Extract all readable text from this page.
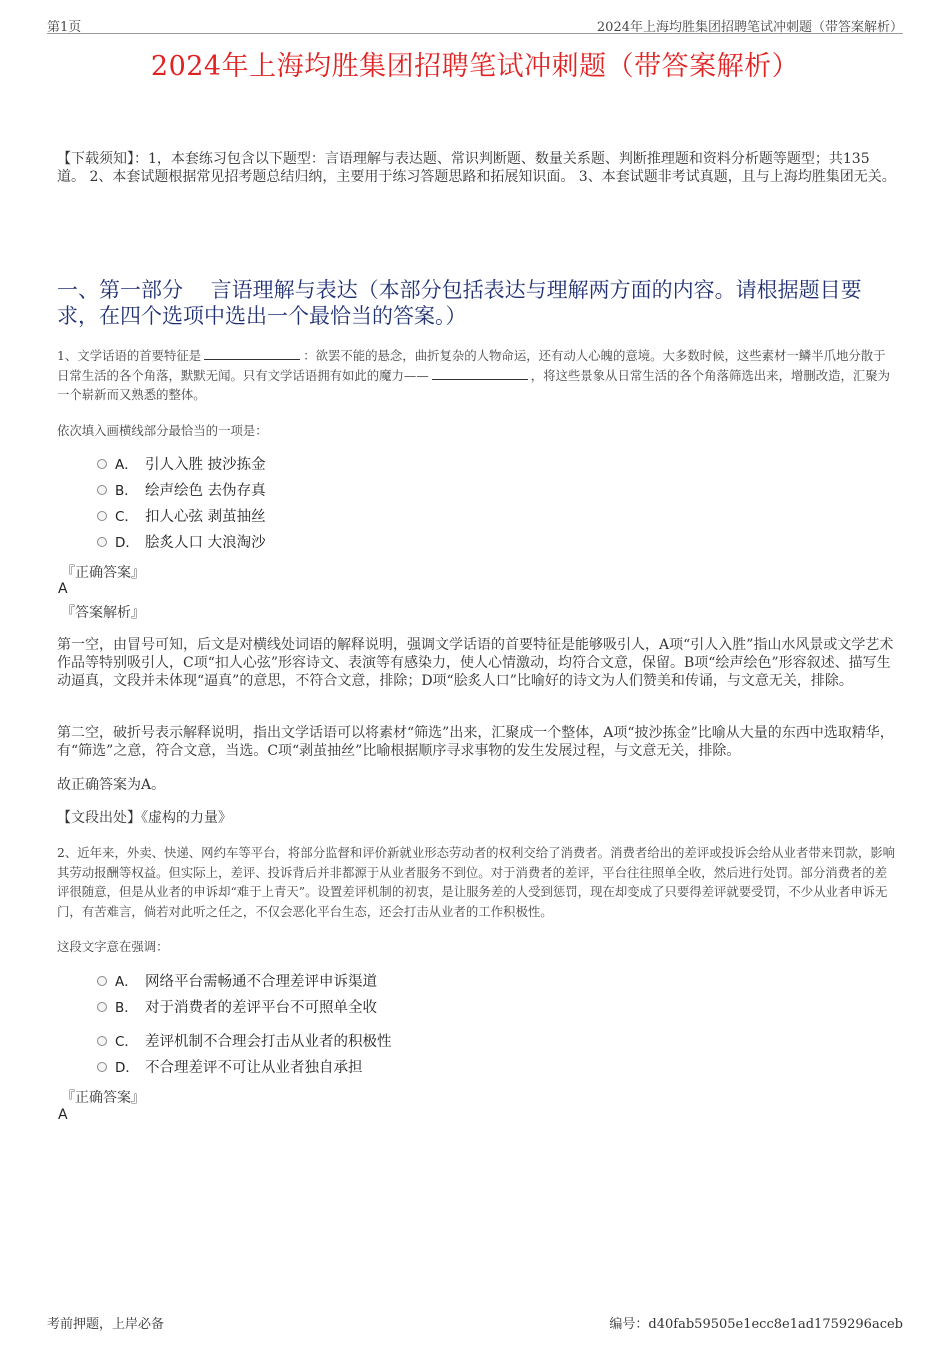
第1页	2024年上海均胜集团招聘笔试冲刺题（带答案解析）
2024年上海均胜集团招聘笔试冲刺题（带答案解析）
【下载须知】：1，本套练习包含以下题型：言语理解与表达题、常识判断题、数量关系题、判断推理题和资料分析题等题型；共135道。 2、本套试题根据常见招考题总结归纳，主要用于练习答题思路和拓展知识面。 3、本套试题非考试真题，且与上海均胜集团无关。
一、第一部分　 言语理解与表达（本部分包括表达与理解两方面的内容。请根据题目要求，在四个选项中选出一个最恰当的答案。）
1、文学话语的首要特征是	：欲罢不能的悬念，曲折复杂的人物命运，还有动人心魄的意境。大多数时候，这些素材一鳞半爪地分散于日常生活的各个角落，默默无闻。只有文学话语拥有如此的魔力——	，将这些景象从日常生活的各个角落筛选出来，增删改造，汇聚为一个崭新而又熟悉的整体。
依次填入画横线部分最恰当的一项是：
A． 引人入胜 披沙拣金
B． 绘声绘色 去伪存真
C． 扣人心弦 剥茧抽丝
D． 脍炙人口 大浪淘沙
『正确答案』
A
『答案解析』
第一空，由冒号可知，后文是对横线处词语的解释说明，强调文学话语的首要特征是能够吸引人，A项“引人入胜”指山水风景或文学艺术作品等特别吸引人，C项“扣人心弦”形容诗文、表演等有感染力，使人心情激动，均符合文意，保留。B项“绘声绘色”形容叙述、描写生动逼真，文段并未体现“逼真”的意思，不符合文意，排除；D项“脍炙人口”比喻好的诗文为人们赞美和传诵，与文意无关，排除。
第二空，破折号表示解释说明，指出文学话语可以将素材“筛选”出来，汇聚成一个整体，A项“披沙拣金”比喻从大量的东西中选取精华，有“筛选”之意，符合文意，当选。C项“剥茧抽丝”比喻根据顺序寻求事物的发生发展过程，与文意无关，排除。
故正确答案为A。
【文段出处】《虚构的力量》
2、近年来，外卖、快递、网约车等平台，将部分监督和评价新就业形态劳动者的权利交给了消费者。消费者给出的差评或投诉会给从业者带来罚款，影响其劳动报酬等权益。但实际上，差评、投诉背后并非都源于从业者服务不到位。对于消费者的差评，平台往往照单全收，然后进行处罚。部分消费者的差评很随意，但是从业者的申诉却“难于上青天”。设置差评机制的初衷，是让服务差的人受到惩罚，现在却变成了只要得差评就要受罚，不少从业者申诉无门，有苦难言，倘若对此听之任之，不仅会恶化平台生态，还会打击从业者的工作积极性。
这段文字意在强调：
A． 网络平台需畅通不合理差评申诉渠道
B． 对于消费者的差评平台不可照单全收
C． 差评机制不合理会打击从业者的积极性
D． 不合理差评不可让从业者独自承担
『正确答案』
A
考前押题，上岸必备	编号：d40fab59505e1ecc8e1ad1759296aceb
